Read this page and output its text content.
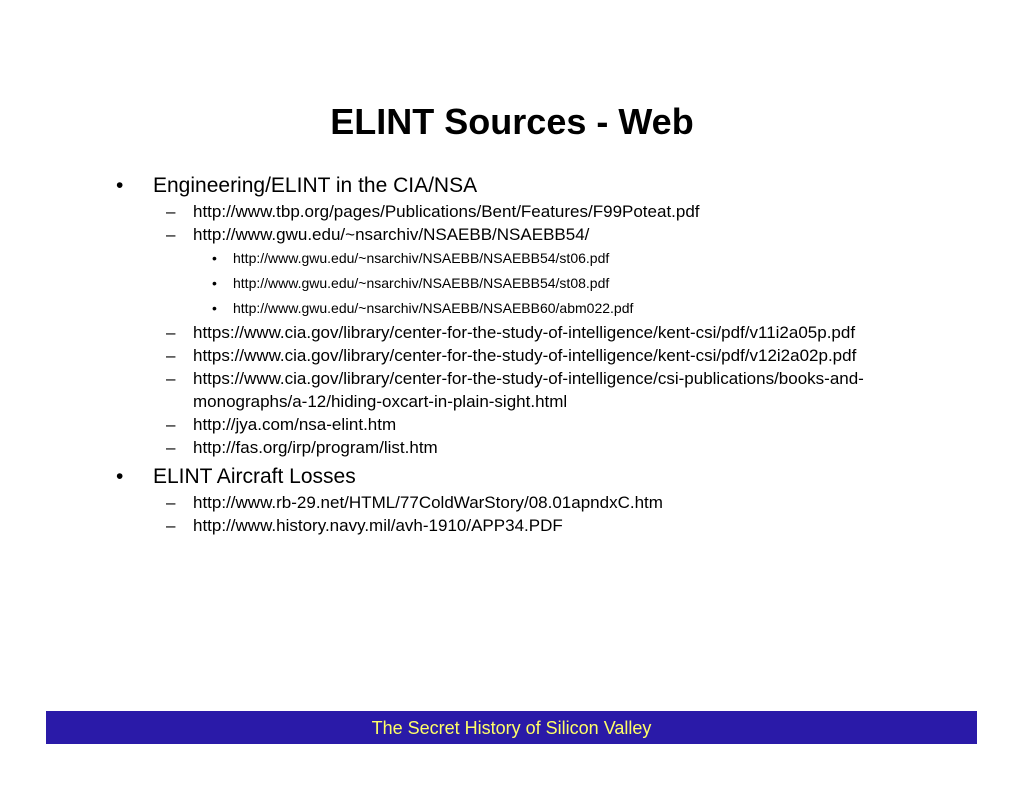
ELINT Sources - Web
• Engineering/ELINT in the CIA/NSA
– http://www.tbp.org/pages/Publications/Bent/Features/F99Poteat.pdf
– http://www.gwu.edu/~nsarchiv/NSAEBB/NSAEBB54/
• http://www.gwu.edu/~nsarchiv/NSAEBB/NSAEBB54/st06.pdf
• http://www.gwu.edu/~nsarchiv/NSAEBB/NSAEBB54/st08.pdf
• http://www.gwu.edu/~nsarchiv/NSAEBB/NSAEBB60/abm022.pdf
– https://www.cia.gov/library/center-for-the-study-of-intelligence/kent-csi/pdf/v11i2a05p.pdf
– https://www.cia.gov/library/center-for-the-study-of-intelligence/kent-csi/pdf/v12i2a02p.pdf
– https://www.cia.gov/library/center-for-the-study-of-intelligence/csi-publications/books-and-monographs/a-12/hiding-oxcart-in-plain-sight.html
– http://jya.com/nsa-elint.htm
– http://fas.org/irp/program/list.htm
• ELINT Aircraft Losses
– http://www.rb-29.net/HTML/77ColdWarStory/08.01apndxC.htm
– http://www.history.navy.mil/avh-1910/APP34.PDF
The Secret History of Silicon Valley
